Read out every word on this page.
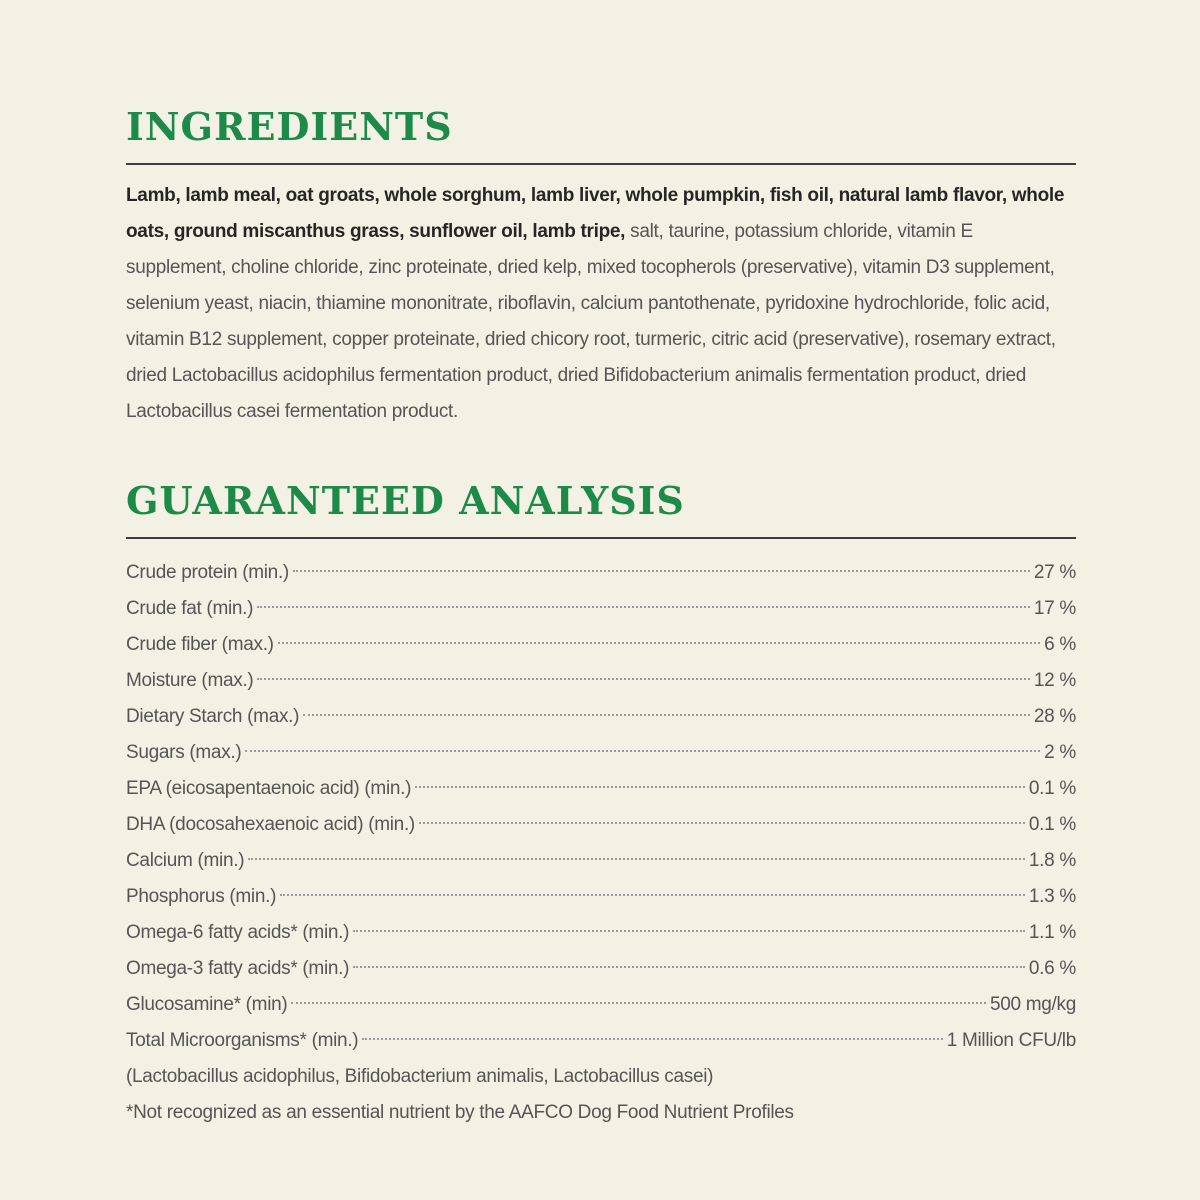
INGREDIENTS

Lamb, lamb meal, oat groats, whole sorghum, lamb liver, whole pumpkin, fish oil, natural lamb flavor, whole oats, ground miscanthus grass, sunflower oil, lamb tripe, salt, taurine, potassium chloride, vitamin E supplement, choline chloride, zinc proteinate, dried kelp, mixed tocopherols (preservative), vitamin D3 supplement, selenium yeast, niacin, thiamine mononitrate, riboflavin, calcium pantothenate, pyridoxine hydrochloride, folic acid, vitamin B12 supplement, copper proteinate, dried chicory root, turmeric, citric acid (preservative), rosemary extract, dried Lactobacillus acidophilus fermentation product, dried Bifidobacterium animalis fermentation product, dried Lactobacillus casei fermentation product.

GUARANTEED ANALYSIS
Crude protein (min.)	27 %
Crude fat (min.)	17 %
Crude fiber (max.)	6 %
Moisture (max.)	12 %
Dietary Starch (max.)	28 %
Sugars (max.)	2 %
EPA (eicosapentaenoic acid) (min.)	0.1 %
DHA (docosahexaenoic acid) (min.)	0.1 %
Calcium (min.)	1.8 %
Phosphorus (min.)	1.3 %
Omega-6 fatty acids* (min.)	1.1 %
Omega-3 fatty acids* (min.)	0.6 %
Glucosamine* (min)	500 mg/kg
Total Microorganisms* (min.)	1 Million CFU/lb
(Lactobacillus acidophilus, Bifidobacterium animalis, Lactobacillus casei)
*Not recognized as an essential nutrient by the AAFCO Dog Food Nutrient Profiles
